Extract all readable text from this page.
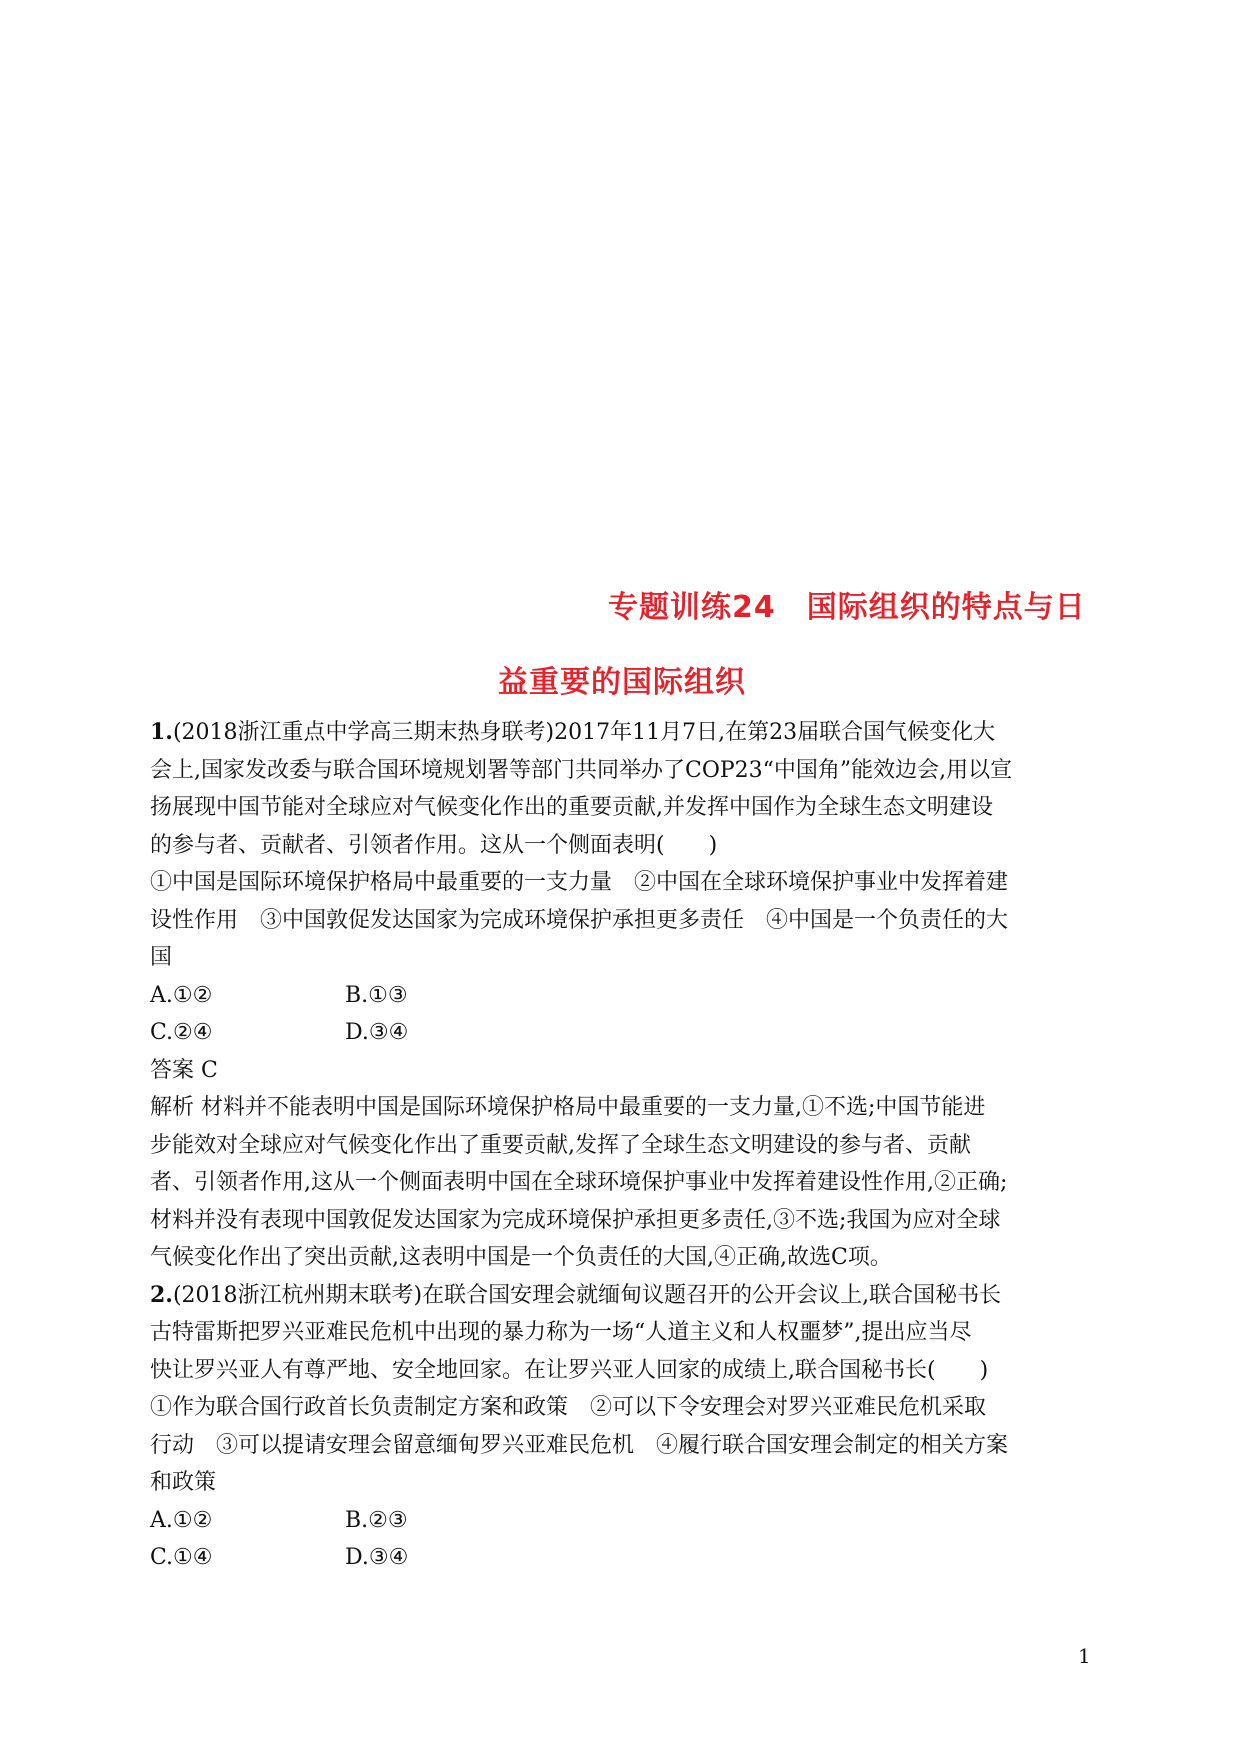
专题训练24　国际组织的特点与日
益重要的国际组织
1.(2018浙江重点中学高三期末热身联考)2017年11月7日,在第23届联合国气候变化大
会上,国家发改委与联合国环境规划署等部门共同举办了COP23“中国角”能效边会,用以宣
扬展现中国节能对全球应对气候变化作出的重要贡献,并发挥中国作为全球生态文明建设
的参与者、贡献者、引领者作用。这从一个侧面表明(　　)
①中国是国际环境保护格局中最重要的一支力量　②中国在全球环境保护事业中发挥着建
设性作用　③中国敦促发达国家为完成环境保护承担更多责任　④中国是一个负责任的大
国
A.①②	B.①③
C.②④	D.③④
答案 C
解析 材料并不能表明中国是国际环境保护格局中最重要的一支力量,①不选;中国节能进
步能效对全球应对气候变化作出了重要贡献,发挥了全球生态文明建设的参与者、贡献
者、引领者作用,这从一个侧面表明中国在全球环境保护事业中发挥着建设性作用,②正确;
材料并没有表现中国敦促发达国家为完成环境保护承担更多责任,③不选;我国为应对全球
气候变化作出了突出贡献,这表明中国是一个负责任的大国,④正确,故选C项。
2.(2018浙江杭州期末联考)在联合国安理会就缅甸议题召开的公开会议上,联合国秘书长
古特雷斯把罗兴亚难民危机中出现的暴力称为一场“人道主义和人权噩梦”,提出应当尽
快让罗兴亚人有尊严地、安全地回家。在让罗兴亚人回家的成绩上,联合国秘书长(　　)
①作为联合国行政首长负责制定方案和政策　②可以下令安理会对罗兴亚难民危机采取
行动　③可以提请安理会留意缅甸罗兴亚难民危机　④履行联合国安理会制定的相关方案
和政策
A.①②	B.②③
C.①④	D.③④
1
